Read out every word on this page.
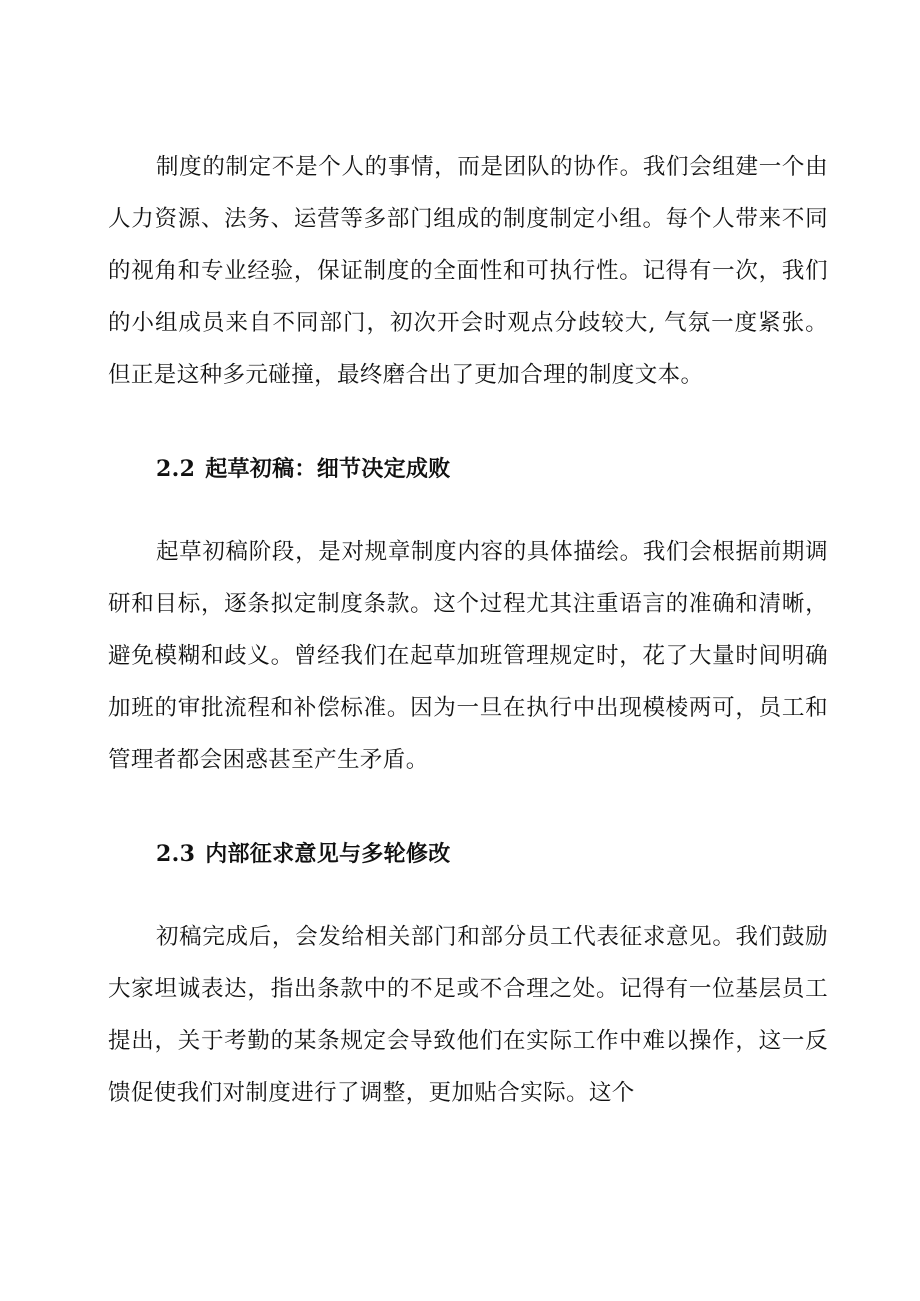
制度的制定不是个人的事情，而是团队的协作。我们会组建一个由人力资源、法务、运营等多部门组成的制度制定小组。每个人带来不同的视角和专业经验，保证制度的全面性和可执行性。记得有一次，我们的小组成员来自不同部门，初次开会时观点分歧较大, 气氛一度紧张。但正是这种多元碰撞，最终磨合出了更加合理的制度文本。

2.2 起草初稿：细节决定成败

起草初稿阶段，是对规章制度内容的具体描绘。我们会根据前期调研和目标，逐条拟定制度条款。这个过程尤其注重语言的准确和清晰，避免模糊和歧义。曾经我们在起草加班管理规定时，花了大量时间明确加班的审批流程和补偿标准。因为一旦在执行中出现模棱两可，员工和管理者都会困惑甚至产生矛盾。

2.3 内部征求意见与多轮修改

初稿完成后，会发给相关部门和部分员工代表征求意见。我们鼓励大家坦诚表达，指出条款中的不足或不合理之处。记得有一位基层员工提出，关于考勤的某条规定会导致他们在实际工作中难以操作，这一反馈促使我们对制度进行了调整，更加贴合实际。这个
